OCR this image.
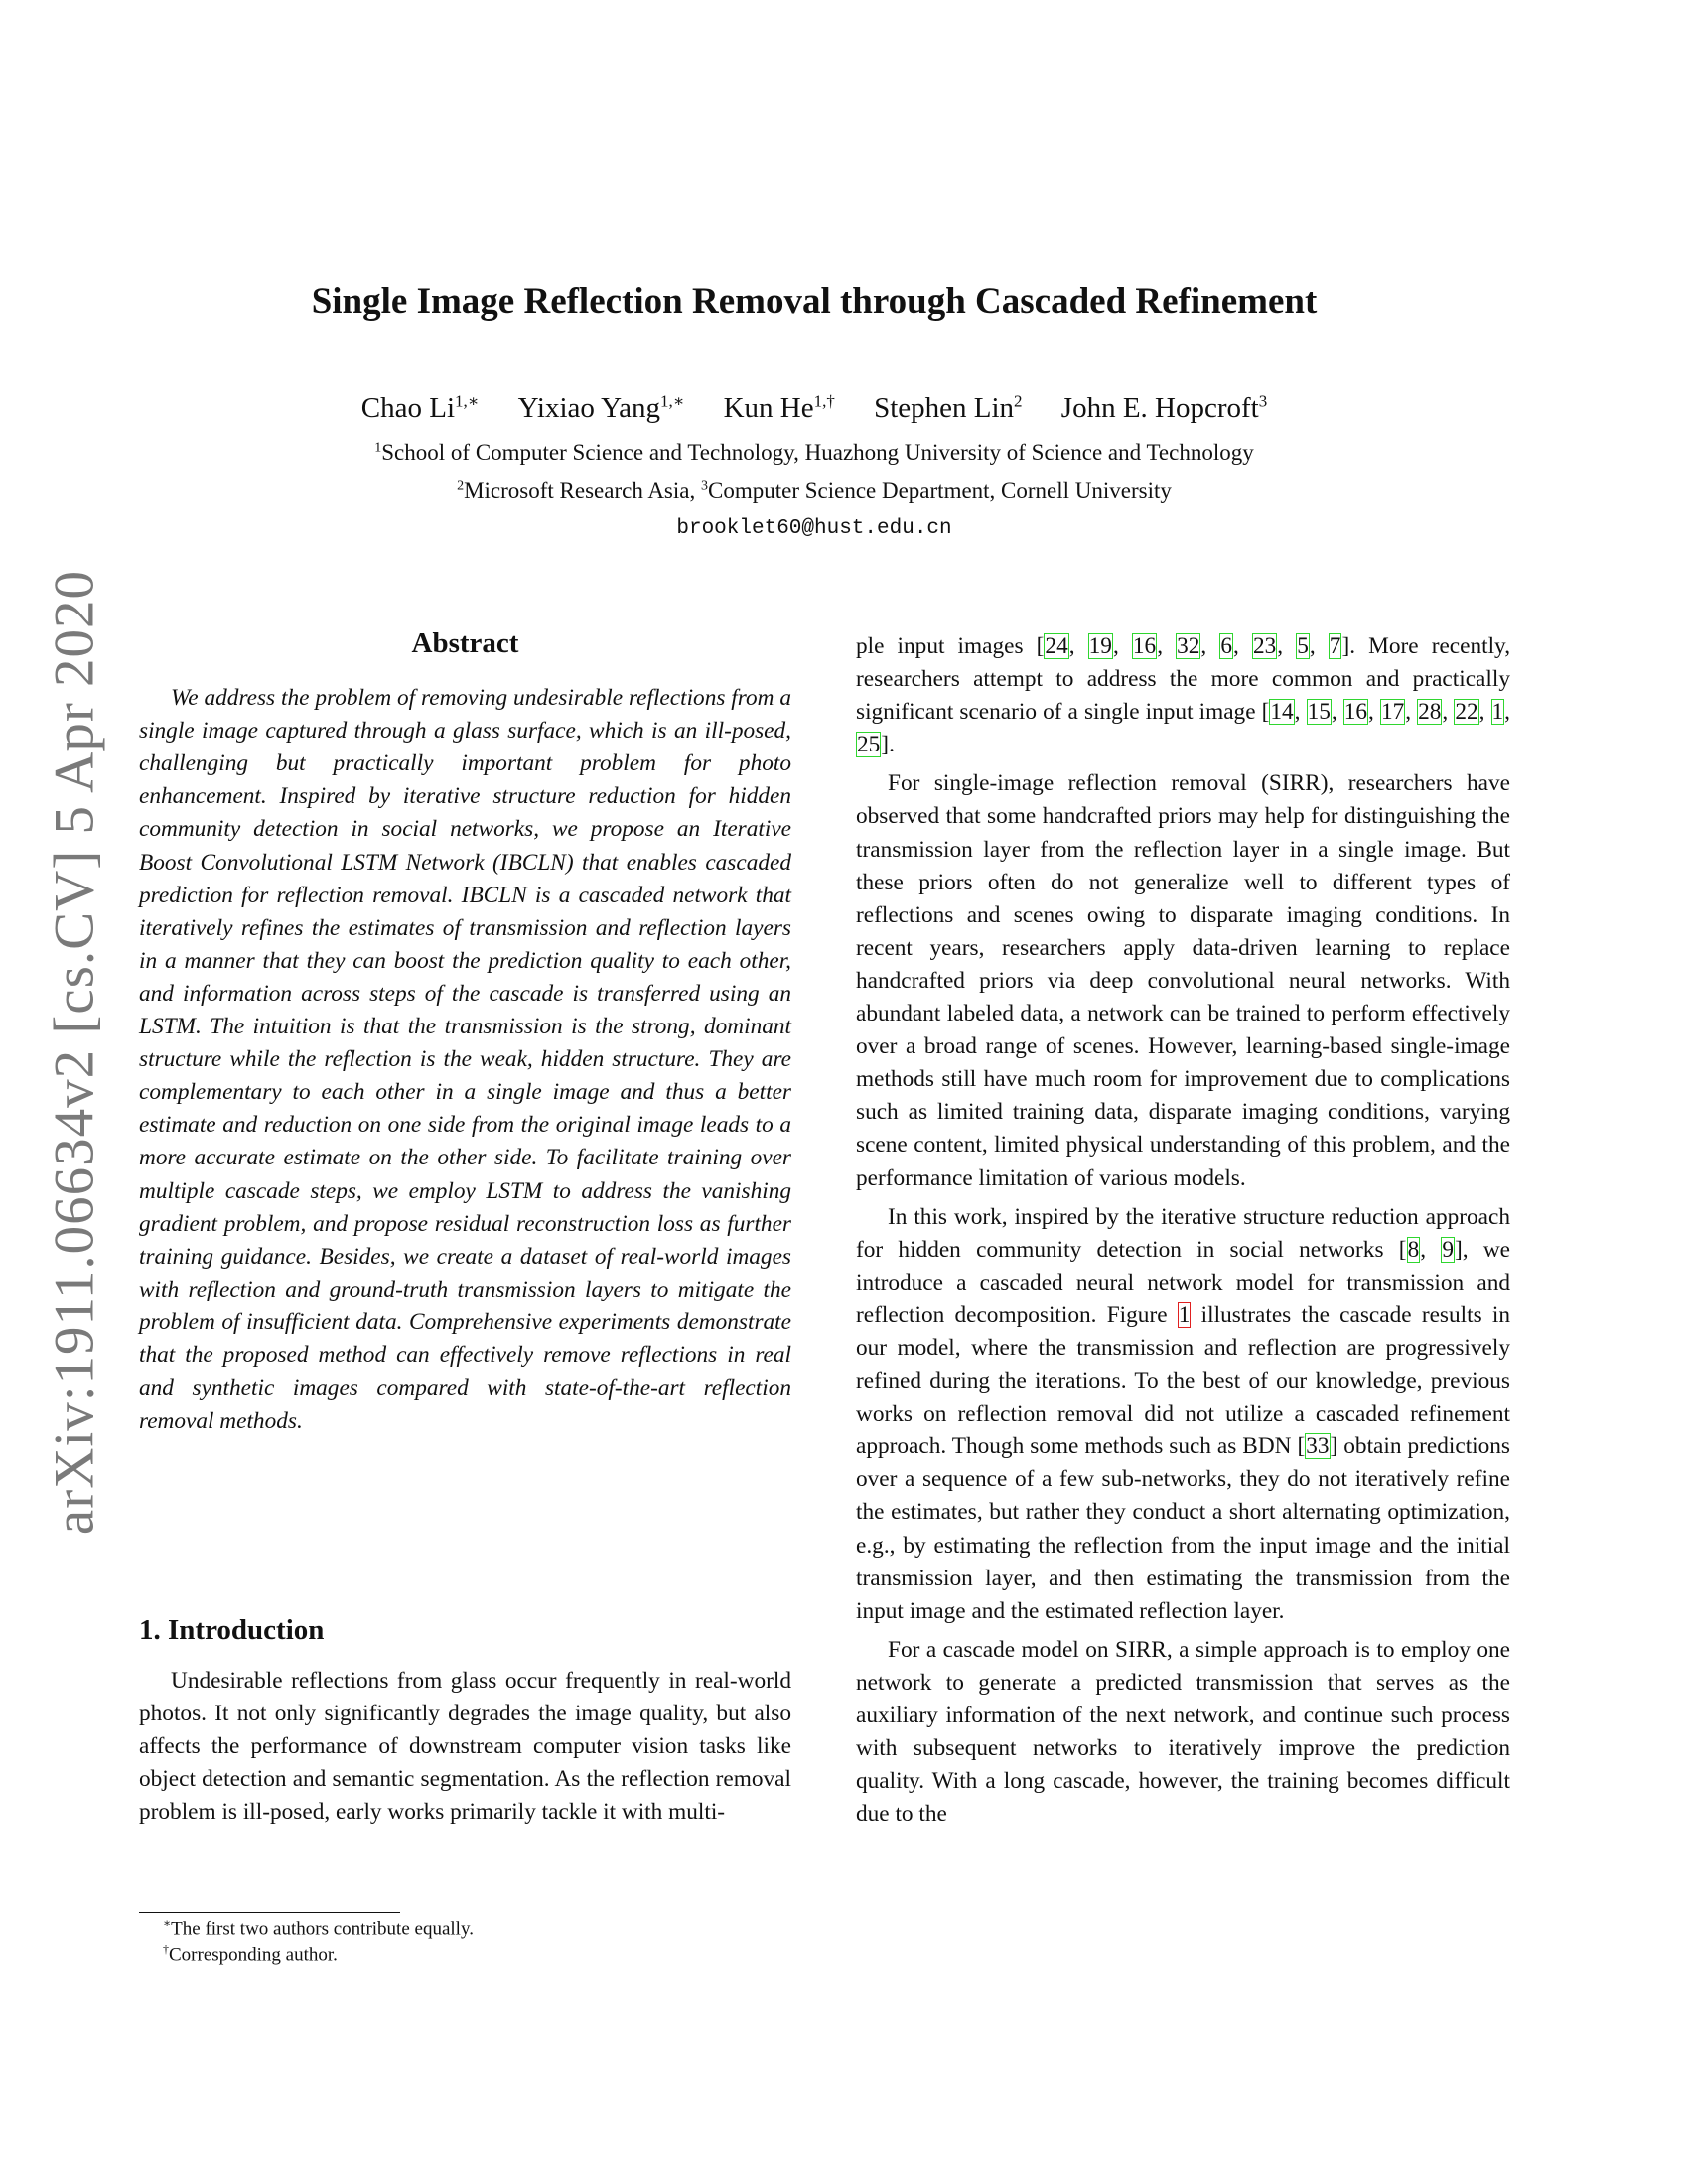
arXiv:1911.06634v2 [cs.CV] 5 Apr 2020
Single Image Reflection Removal through Cascaded Refinement
Chao $Li^{1,∗}$ Yixiao Yang$^{1,∗}$ Kun $He^{1,\dagger}$ Stephen Lin$^2$ John E. Hopcroft$^3$
$^1$School of Computer Science and Technology, Huazhong University of Science and Technology
$^2$Microsoft Research Asia, $^3$Computer Science Department, Cornell University
brooklet60@hust.edu.cn
Abstract

We address the problem of removing undesirable reflections from a single image captured through a glass surface, which is an ill-posed, challenging but practically important problem for photo enhancement. Inspired by iterative structure reduction for hidden community detection in social networks, we propose an Iterative Boost Convolutional LSTM Network (IBCLN) that enables cascaded prediction for reflection removal. IBCLN is a cascaded network that iteratively refines the estimates of transmission and reflection layers in a manner that they can boost the prediction quality to each other, and information across steps of the cascade is transferred using an LSTM. The intuition is that the transmission is the strong, dominant structure while the reflection is the weak, hidden structure. They are complementary to each other in a single image and thus a better estimate and reduction on one side from the original image leads to a more accurate estimate on the other side. To facilitate training over multiple cascade steps, we employ LSTM to address the vanishing gradient problem, and propose residual reconstruction loss as further training guidance. Besides, we create a dataset of real-world images with reflection and ground-truth transmission layers to mitigate the problem of insufficient data. Comprehensive experiments demonstrate that the proposed method can effectively remove reflections in real and synthetic images compared with state-of-the-art reflection removal methods.

1. Introduction

Undesirable reflections from glass occur frequently in real-world photos. It not only significantly degrades the image quality, but also affects the performance of downstream computer vision tasks like object detection and semantic segmentation. As the reflection removal problem is ill-posed, early works primarily tackle it with multi-

ple input images [24, 19, 16, 32, 6, 23, 5, 7]. More recently, researchers attempt to address the more common and practically significant scenario of a single input image [14, 15, 16, 17, 28, 22, 1, 25].

For single-image reflection removal (SIRR), researchers have observed that some handcrafted priors may help for distinguishing the transmission layer from the reflection layer in a single image. But these priors often do not generalize well to different types of reflections and scenes owing to disparate imaging conditions. In recent years, researchers apply data-driven learning to replace handcrafted priors via deep convolutional neural networks. With abundant labeled data, a network can be trained to perform effectively over a broad range of scenes. However, learning-based single-image methods still have much room for improvement due to complications such as limited training data, disparate imaging conditions, varying scene content, limited physical understanding of this problem, and the performance limitation of various models.

In this work, inspired by the iterative structure reduction approach for hidden community detection in social networks [8, 9], we introduce a cascaded neural network model for transmission and reflection decomposition. Figure 1 illustrates the cascade results in our model, where the transmission and reflection are progressively refined during the iterations. To the best of our knowledge, previous works on reflection removal did not utilize a cascaded refinement approach. Though some methods such as BDN [33] obtain predictions over a sequence of a few sub-networks, they do not iteratively refine the estimates, but rather they conduct a short alternating optimization, e.g., by estimating the reflection from the input image and the initial transmission layer, and then estimating the transmission from the input image and the estimated reflection layer.

For a cascade model on SIRR, a simple approach is to employ one network to generate a predicted transmission that serves as the auxiliary information of the next network, and continue such process with subsequent networks to iteratively improve the prediction quality. With a long cascade, however, the training becomes difficult due to the

∗The first two authors contribute equally.
†Corresponding author.
